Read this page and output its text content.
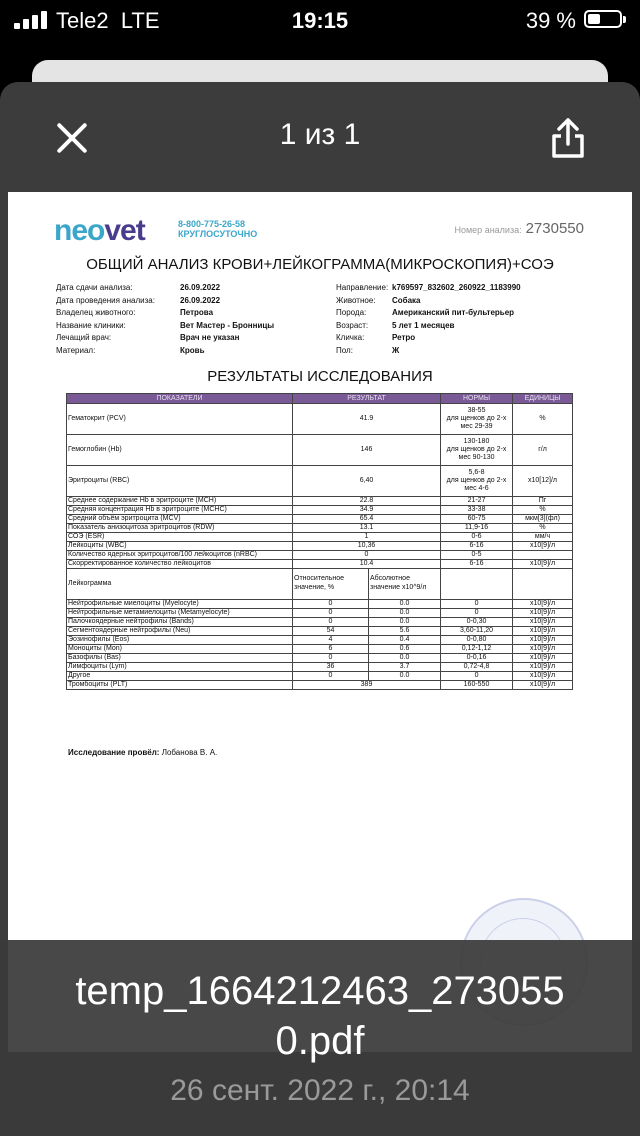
Tele2 LTE	19:15	39 %
1 из 1
neovet	8-800-775-26-58
КРУГЛОСУТОЧНО	Номер анализа: 2730550
ОБЩИЙ АНАЛИЗ КРОВИ+ЛЕЙКОГРАММА(МИКРОСКОПИЯ)+СОЭ
Дата сдачи анализа:	26.09.2022
Дата проведения анализа:	26.09.2022
Владелец животного:	Петрова
Название клиники:	Вет Мастер - Бронницы
Лечащий врач:	Врач не указан
Материал:	Кровь
Направление: k769597_832602_260922_1183990
Животное:	Собака
Порода:	Американский пит-бультерьер
Возраст:	5 лет 1 месяцев
Кличка:	Ретро
Пол:	Ж
РЕЗУЛЬТАТЫ ИССЛЕДОВАНИЯ
ПОКАЗАТЕЛИ	РЕЗУЛЬТАТ		НОРМЫ	ЕДИНИЦЫ
Гематокрит (PCV)	41.9		38-55
для щенков до 2-х
мес 29-39	%
Гемоглобин (Hb)	146		130-180
для щенков до 2-х
мес 90-130	г/л
Эритроциты (RBC)	6,40		5,6-8
для щенков до 2-х
мес 4-6	x10[12]/л
Среднее содержание Hb в эритроците (MCH)	22.8		21-27	Пг
Средняя концентрация Hb в эритроците (MCHC)	34.9		33-38	%
Средний объём эритроцита (MCV)	65.4		60-75	мкм[3](фл)
Показатель анизоцитоза эритроцитов (RDW)	13.1		11,9-16	%
СОЭ (ESR)	1		0-6	мм/ч
Лейкоциты (WBC)	10,36		6-16	x10[9]/л
Количество ядерных эритроцитов/100 лейкоцитов (nRBC)	0		0-5	

Скорректированное количество лейкоцитов	10.4		6-16	x10[9]/л
Лейкограмма	Относительное значение, %	Абсолютное значение x10^9/л		
Нейтрофильные миелоциты (Myelocyte)	0	0.0	0	x10[9]/л
Нейтрофильные метамиелоциты (Metamyelocyte)	0	0.0	0	x10[9]/л
Палочкоядерные нейтрофилы (Bands)	0	0.0	0-0,30	x10[9]/л
Сегментоядерные нейтрофилы (Neu)	54	5.6	3,60-11,20	x10[9]/л
Эозинофилы (Eos)	4	0.4	0-0,80	x10[9]/л
Моноциты (Mon)	6	0.6	0,12-1,12	x10[9]/л
Базофилы (Bas)	0	0.0	0-0,16	x10[9]/л
Лимфоциты (Lym)	36	3.7	0,72-4,8	x10[9]/л
Другое	0	0.0	0	x10[9]/л
Тромбоциты (PLT)	389		160-550	x10[9]/л
Исследование провёл: Лобанова В. А.
temp_1664212463_273055
0.pdf
26 сент. 2022 г., 20:14
